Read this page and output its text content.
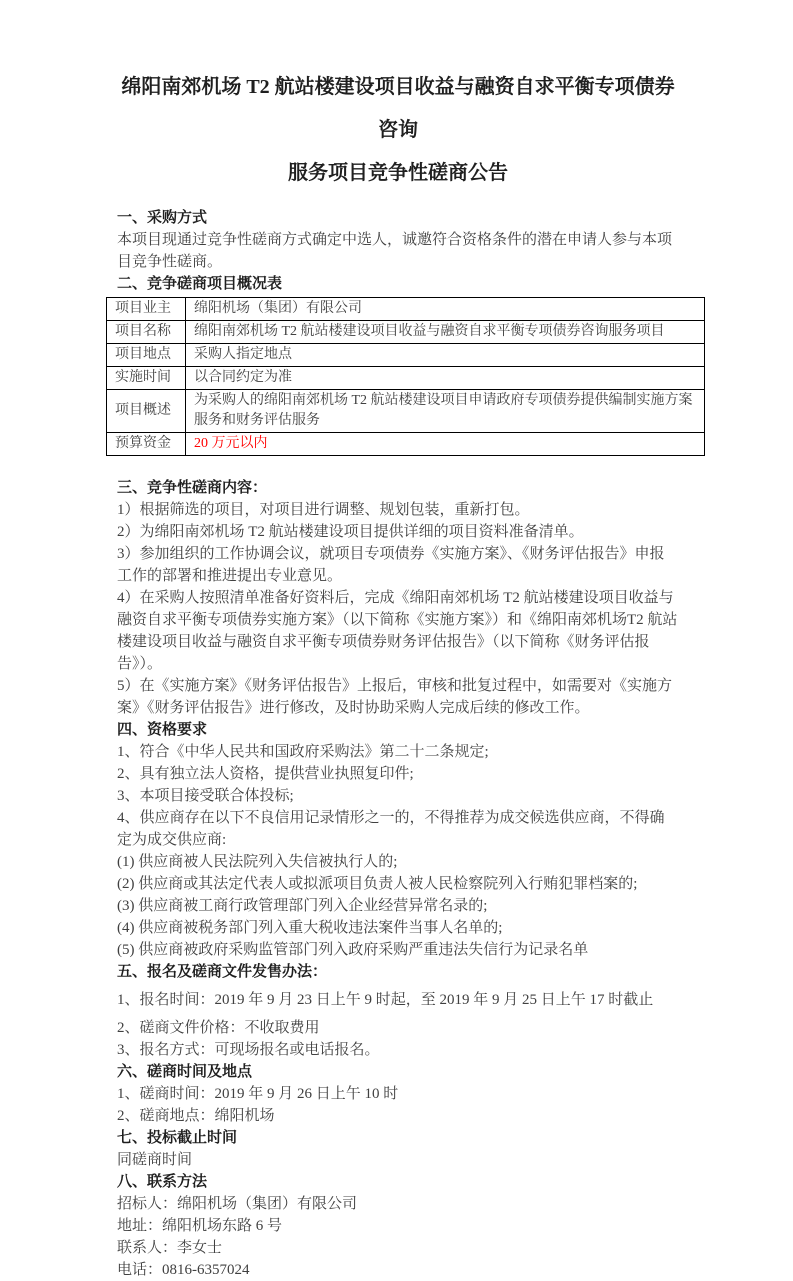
绵阳南郊机场 T2 航站楼建设项目收益与融资自求平衡专项债券咨询
服务项目竞争性磋商公告
一、采购方式

本项目现通过竞争性磋商方式确定中选人，诚邀符合资格条件的潜在申请人参与本项目竞争性磋商。

二、竞争磋商项目概况表
项目业主	绵阳机场（集团）有限公司
项目名称	绵阳南郊机场 T2 航站楼建设项目收益与融资自求平衡专项债券咨询服务项目
项目地点	采购人指定地点
实施时间	以合同约定为准
项目概述	为采购人的绵阳南郊机场 T2 航站楼建设项目申请政府专项债券提供编制实施方案服务和财务评估服务
预算资金	20 万元以内
三、竞争性磋商内容：

1）根据筛选的项目，对项目进行调整、规划包装，重新打包。

2）为绵阳南郊机场 T2 航站楼建设项目提供详细的项目资料准备清单。

3）参加组织的工作协调会议，就项目专项债券《实施方案》、《财务评估报告》申报工作的部署和推进提出专业意见。

4）在采购人按照清单准备好资料后，完成《绵阳南郊机场 T2 航站楼建设项目收益与融资自求平衡专项债券实施方案》（以下简称《实施方案》）和《绵阳南郊机场T2 航站楼建设项目收益与融资自求平衡专项债券财务评估报告》（以下简称《财务评估报告》）。

5）在《实施方案》《财务评估报告》上报后，审核和批复过程中，如需要对《实施方案》《财务评估报告》进行修改，及时协助采购人完成后续的修改工作。

四、资格要求

1、符合《中华人民共和国政府采购法》第二十二条规定;

2、具有独立法人资格，提供营业执照复印件;

3、本项目接受联合体投标;

4、供应商存在以下不良信用记录情形之一的，不得推荐为成交候选供应商，不得确定为成交供应商:

(1) 供应商被人民法院列入失信被执行人的;

(2) 供应商或其法定代表人或拟派项目负责人被人民检察院列入行贿犯罪档案的;

(3) 供应商被工商行政管理部门列入企业经营异常名录的;

(4) 供应商被税务部门列入重大税收违法案件当事人名单的;

(5) 供应商被政府采购监管部门列入政府采购严重违法失信行为记录名单

五、报名及磋商文件发售办法：

1、报名时间：2019 年 9 月 23 日上午 9 时起，至 2019 年 9 月 25 日上午 17 时截止

2、磋商文件价格：不收取费用

3、报名方式：可现场报名或电话报名。

六、磋商时间及地点

1、磋商时间：2019 年 9 月 26 日上午 10 时

2、磋商地点：绵阳机场

七、投标截止时间

同磋商时间

八、联系方法

招标人：绵阳机场（集团）有限公司

地址：绵阳机场东路 6 号

联系人：李女士

电话：0816-6357024
